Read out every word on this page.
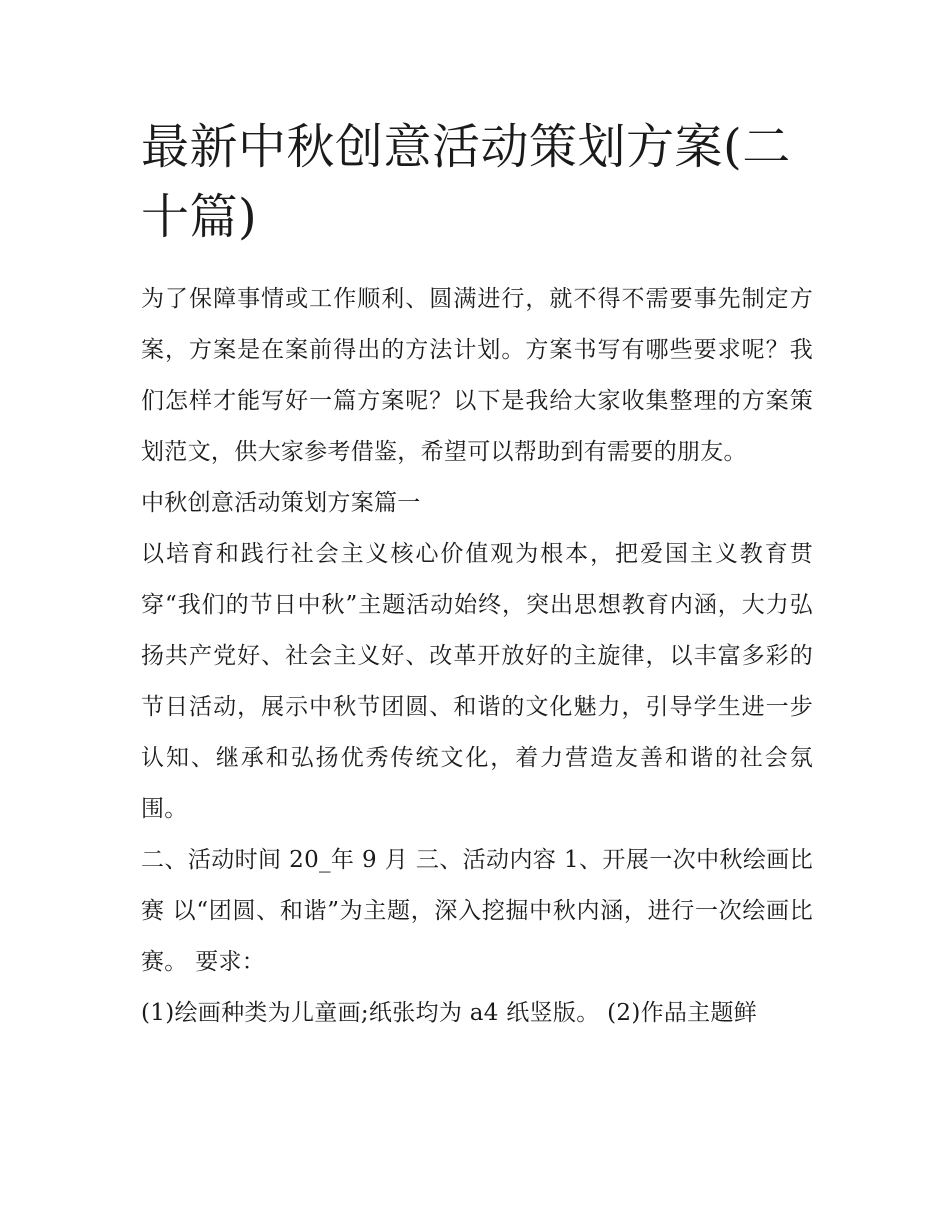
最新中秋创意活动策划方案(二十篇)

为了保障事情或工作顺利、圆满进行，就不得不需要事先制定方案，方案是在案前得出的方法计划。方案书写有哪些要求呢？我们怎样才能写好一篇方案呢？以下是我给大家收集整理的方案策划范文，供大家参考借鉴，希望可以帮助到有需要的朋友。

中秋创意活动策划方案篇一

以培育和践行社会主义核心价值观为根本，把爱国主义教育贯穿“我们的节日中秋”主题活动始终，突出思想教育内涵，大力弘扬共产党好、社会主义好、改革开放好的主旋律，以丰富多彩的节日活动，展示中秋节团圆、和谐的文化魅力，引导学生进一步认知、继承和弘扬优秀传统文化，着力营造友善和谐的社会氛围。

二、活动时间 20_年 9 月 三、活动内容 1、开展一次中秋绘画比赛 以“团圆、和谐”为主题，深入挖掘中秋内涵，进行一次绘画比赛。 要求：

(1)绘画种类为儿童画;纸张均为 a4 纸竖版。 (2)作品主题鲜
